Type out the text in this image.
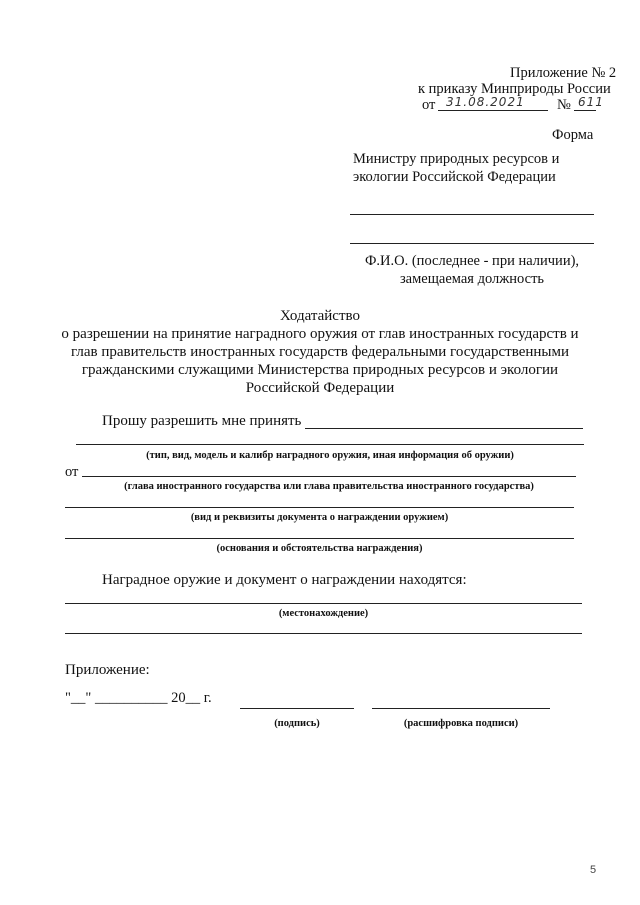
Приложение № 2
к приказу Минприроды России
от 31.08.2021 № 611
Форма
Министру природных ресурсов и
экологии Российской Федерации
Ф.И.О. (последнее - при наличии),
замещаемая должность
Ходатайство
о разрешении на принятие наградного оружия от глав иностранных государств и
глав правительств иностранных государств федеральными государственными
гражданскими служащими Министерства природных ресурсов и экологии
Российской Федерации
Прошу разрешить мне принять
(тип, вид, модель и калибр наградного оружия, иная информация об оружии)
от
(глава иностранного государства или глава правительства иностранного государства)
(вид и реквизиты документа о награждении оружием)
(основания и обстоятельства награждения)
Наградное оружие и документ о награждении находятся:
(местонахождение)
Приложение:
"__" __________ 20__ г.
(подпись)	(расшифровка подписи)
5
